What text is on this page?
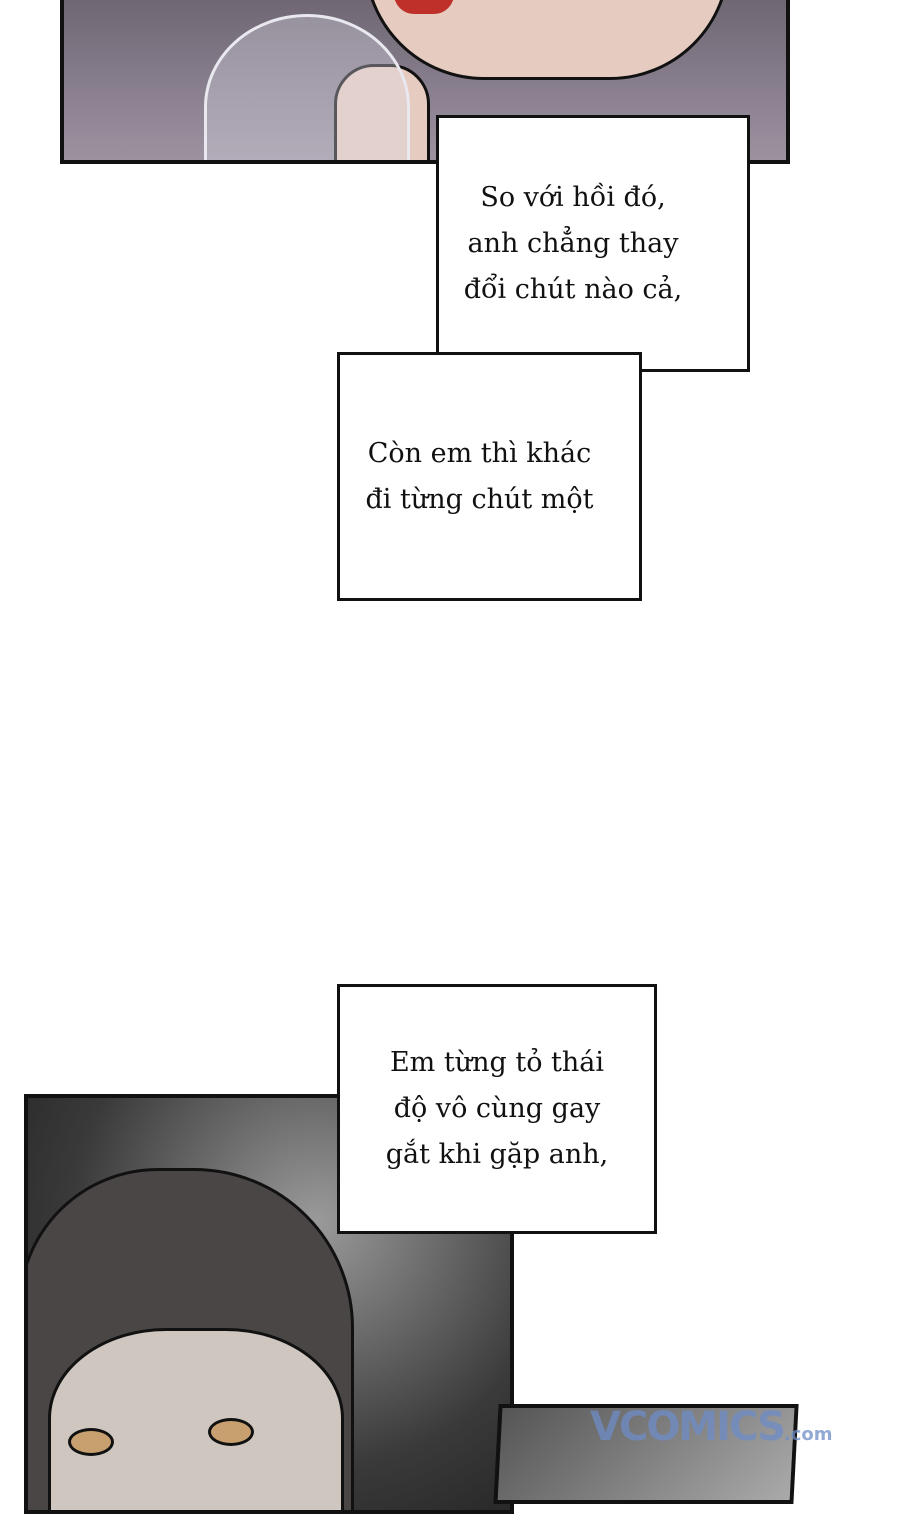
So với hồi đó,
anh chẳng thay
đổi chút nào cả,
Còn em thì khác
đi từng chút một
Em từng tỏ thái
độ vô cùng gay
gắt khi gặp anh,
VCOMICS.com
